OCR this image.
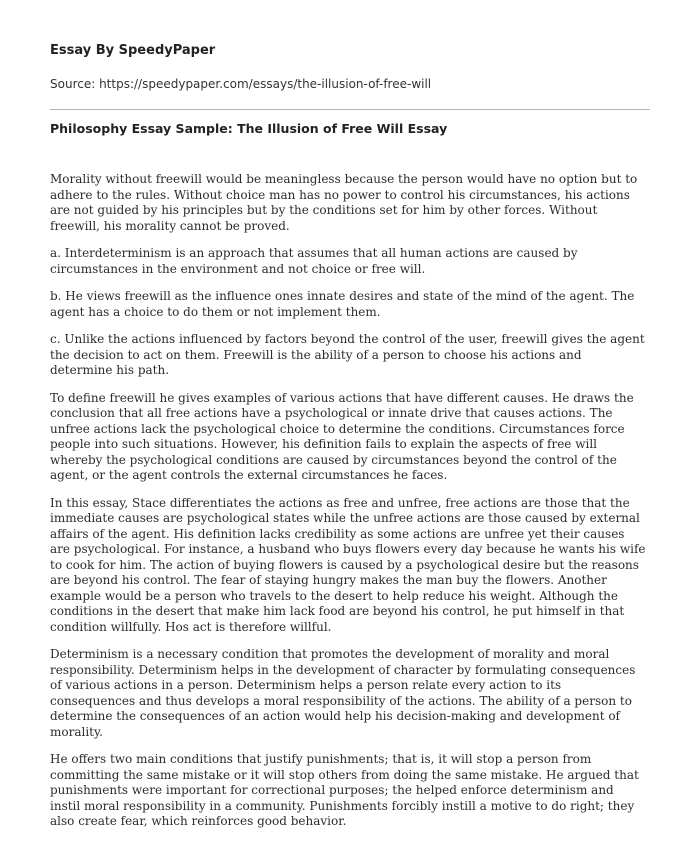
Essay By SpeedyPaper
Source: https://speedypaper.com/essays/the-illusion-of-free-will
Philosophy Essay Sample: The Illusion of Free Will Essay

Morality without freewill would be meaningless because the person would have no option but to adhere to the rules. Without choice man has no power to control his circumstances, his actions are not guided by his principles but by the conditions set for him by other forces. Without freewill, his morality cannot be proved.

a. Interdeterminism is an approach that assumes that all human actions are caused by circumstances in the environment and not choice or free will.

b. He views freewill as the influence ones innate desires and state of the mind of the agent. The agent has a choice to do them or not implement them.

c. Unlike the actions influenced by factors beyond the control of the user, freewill gives the agent the decision to act on them. Freewill is the ability of a person to choose his actions and determine his path.

To define freewill he gives examples of various actions that have different causes. He draws the conclusion that all free actions have a psychological or innate drive that causes actions. The unfree actions lack the psychological choice to determine the conditions. Circumstances force people into such situations. However, his definition fails to explain the aspects of free will whereby the psychological conditions are caused by circumstances beyond the control of the agent, or the agent controls the external circumstances he faces.

In this essay, Stace differentiates the actions as free and unfree, free actions are those that the immediate causes are psychological states while the unfree actions are those caused by external affairs of the agent. His definition lacks credibility as some actions are unfree yet their causes are psychological. For instance, a husband who buys flowers every day because he wants his wife to cook for him. The action of buying flowers is caused by a psychological desire but the reasons are beyond his control. The fear of staying hungry makes the man buy the flowers. Another example would be a person who travels to the desert to help reduce his weight. Although the conditions in the desert that make him lack food are beyond his control, he put himself in that condition willfully. Hos act is therefore willful.

Determinism is a necessary condition that promotes the development of morality and moral responsibility. Determinism helps in the development of character by formulating consequences of various actions in a person. Determinism helps a person relate every action to its consequences and thus develops a moral responsibility of the actions. The ability of a person to determine the consequences of an action would help his decision-making and development of morality.

He offers two main conditions that justify punishments; that is, it will stop a person from committing the same mistake or it will stop others from doing the same mistake. He argued that punishments were important for correctional purposes; the helped enforce determinism and instil moral responsibility in a community. Punishments forcibly instill a motive to do right; they also create fear, which reinforces good behavior.
